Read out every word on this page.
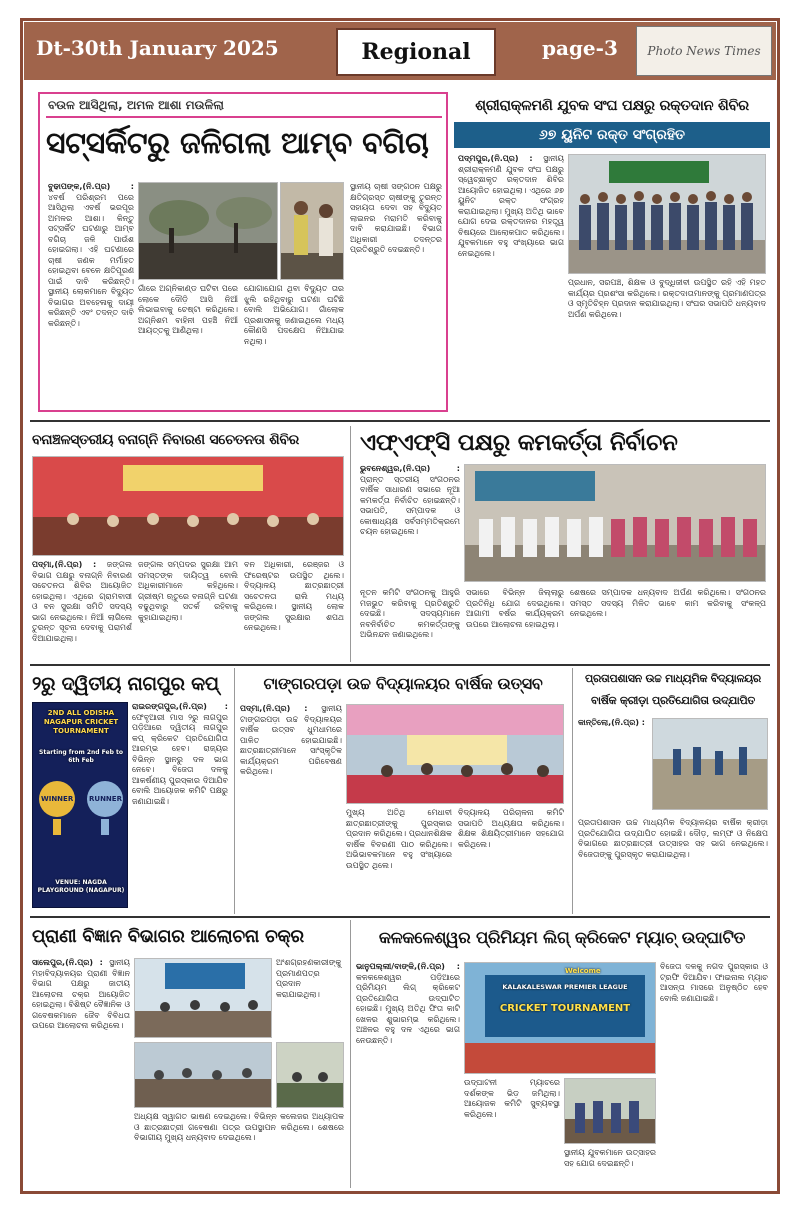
Dt-30th January 2025	Regional	page-3	Photo News Times
ବଉଳ ଆସିଥିଲା, ଅମଳ ଆଶା ମଉଳିଲା
ସଟ୍‌ସର୍କିଟରୁ ଜଳିଗଲା ଆମ୍ବ ବଗିଚା
ବୁଢାପଙ୍କ,(ନି.ପ୍ର) : ୪ବର୍ଷ ପରିଶ୍ରମ ପରେ ଆସିଥିଲା ଏବର୍ଷ ଭରପୂର ଅମଳର ଆଶା। କିନ୍ତୁ ସଟ୍‌ସର୍କିଟ ଘଟଣାରୁ ଆମ୍ବ ବଗିଚା ଜଳି ପାଉଁଶ ହୋଇଗଲା। ଏହି ଘଟଣାରେ ଚାଷୀ ଜଣକ ମର୍ମାହତ ହୋଇଥିବା ବେଳେ କ୍ଷତିପୂରଣ ପାଇଁ ଦାବି କରିଛନ୍ତି। ସ୍ଥାନୀୟ ଲୋକମାନେ ବିଦ୍ୟୁତ ବିଭାଗର ଅବହେଳାକୁ ଦାୟୀ କରିଛନ୍ତି ଏବଂ ତଦନ୍ତ ଦାବି କରିଛନ୍ତି।
ଗାଁରେ ଅଗ୍ନିକାଣ୍ଡ ଘଟିବା ପରେ ଲୋକେ ଦୌଡ଼ି ଆସି ନିଆଁ ଲିଭାଇବାକୁ ଚେଷ୍ଟା କରିଥିଲେ। ଅଗ୍ନିଶମ ବାହିନୀ ପହଞ୍ଚି ନିଆଁ ଆୟତ୍ତକୁ ଆଣିଥିଲା।
ଯୋଗାଯୋଗ ଥିବା ବିଦ୍ୟୁତ ତାର ଝୁଲି ରହିଥିବାରୁ ଘଟଣା ଘଟିଛି ବୋଲି ଅଭିଯୋଗ। ଗାଁଲୋକ ପ୍ରଶାସନକୁ ଜଣାଇଥିଲେ ମଧ୍ୟ କୌଣସି ପଦକ୍ଷେପ ନିଆଯାଇ ନଥିଲା।
ସ୍ଥାନୀୟ ଚାଷୀ ସଙ୍ଗଠନ ପକ୍ଷରୁ କ୍ଷତିଗ୍ରସ୍ତ ଚାଷୀଙ୍କୁ ତୁରନ୍ତ ସହାୟତା ଦେବା ସହ ବିଦ୍ୟୁତ ଲାଇନର ମରାମତି କରିବାକୁ ଦାବି କରାଯାଇଛି। ବିଭାଗ ଅଧିକାରୀ ତଦନ୍ତର ପ୍ରତିଶ୍ରୁତି ଦେଇଛନ୍ତି।
ଶ୍ରୀରାକ୍ଳମଣି ଯୁବକ ସଂଘ ପକ୍ଷରୁ ରକ୍ତଦାନ ଶିବିର
୬୭ ୟୁନିଟ ରକ୍ତ ସଂଗ୍ରହିତ
ପଦ୍ମପୁର,(ନି.ପ୍ର) : ସ୍ଥାନୀୟ ଶ୍ରୀରାକ୍ଳମଣି ଯୁବକ ସଂଘ ପକ୍ଷରୁ ସ୍ୱେଚ୍ଛାକୃତ ରକ୍ତଦାନ ଶିବିର ଆୟୋଜିତ ହୋଇଥିଲା। ଏଥିରେ ୬୭ ୟୁନିଟ ରକ୍ତ ସଂଗ୍ରହ କରାଯାଇଥିଲା। ମୁଖ୍ୟ ଅତିଥି ଭାବେ ଯୋଗ ଦେଇ ରକ୍ତଦାନର ମହତ୍ତ୍ୱ ବିଷୟରେ ଆଲୋକପାତ କରିଥିଲେ। ଯୁବକମାନେ ବହୁ ସଂଖ୍ୟାରେ ଭାଗ ନେଇଥିଲେ।
ପ୍ରଧାନ, ସରପଞ୍ଚ, ଶିକ୍ଷକ ଓ ବୁଦ୍ଧିଜୀବୀ ଉପସ୍ଥିତ ରହି ଏହି ମହତ କାର୍ଯ୍ୟର ପ୍ରଶଂସା କରିଥିଲେ। ରକ୍ତଦାତାମାନଙ୍କୁ ପ୍ରମାଣପତ୍ର ଓ ସ୍ମୃତିଚିହ୍ନ ପ୍ରଦାନ କରାଯାଇଥିଲା। ସଂଘର ସଭାପତି ଧନ୍ୟବାଦ ଅର୍ପଣ କରିଥିଲେ।
ବନାଞ୍ଚଳସ୍ତରୀୟ ବନାଗ୍ନି ନିବାରଣ ସଚେତନତା ଶିବିର
ପଦ୍ମା,(ନି.ପ୍ର) : ଜଙ୍ଗଲ ବିଭାଗ ପକ୍ଷରୁ ବନାଗ୍ନି ନିବାରଣ ସଚେତନତା ଶିବିର ଆୟୋଜିତ ହୋଇଥିଲା। ଏଥିରେ ଗ୍ରାମବାସୀ ଓ ବନ ସୁରକ୍ଷା ସମିତି ସଦସ୍ୟ ଭାଗ ନେଇଥିଲେ। ନିଆଁ ଲାଗିଲେ ତୁରନ୍ତ ସୂଚନା ଦେବାକୁ ପରାମର୍ଶ ଦିଆଯାଇଥିଲା।
ଜଙ୍ଗଲ ସମ୍ପଦର ସୁରକ୍ଷା ଆମ ସମସ୍ତଙ୍କ ଦାୟିତ୍ୱ ବୋଲି ଅଧିକାରୀମାନେ କହିଥିଲେ। ଗ୍ରୀଷ୍ମ ଋତୁରେ ବନାଗ୍ନି ଘଟଣା ବଢୁଥିବାରୁ ସତର୍କ ରହିବାକୁ କୁହାଯାଇଥିଲା।
ବନ ଅଧିକାରୀ, ରେଞ୍ଜର ଓ ଫରେଷ୍ଟର ଉପସ୍ଥିତ ଥିଲେ। ବିଦ୍ୟାଳୟ ଛାତ୍ରଛାତ୍ରୀ ସଚେତନତା ରାଲି ମଧ୍ୟ କରିଥିଲେ। ସ୍ଥାନୀୟ ଲୋକ ଜଙ୍ଗଲ ସୁରକ୍ଷାର ଶପଥ ନେଇଥିଲେ।
ଏଫ୍‌ଏଫ୍‌ସି ପକ୍ଷରୁ କମକର୍ତ୍ତା ନିର୍ବାଚନ
ଭୁବନେଶ୍ୱର,(ନି.ପ୍ର) : ପ୍ରାନ୍ତ ସ୍ତରୀୟ ସଂଗଠନର ବାର୍ଷିକ ସାଧାରଣ ସଭାରେ ନୂଆ କମକର୍ତ୍ତା ନିର୍ବାଚିତ ହୋଇଛନ୍ତି। ସଭାପତି, ସମ୍ପାଦକ ଓ କୋଷାଧ୍ୟକ୍ଷ ସର୍ବସମ୍ମତିକ୍ରମେ ଚୟନ ହୋଇଥିଲେ।
ନୂତନ କମିଟି ସଂଗଠନକୁ ଆହୁରି ମଜଭୁତ କରିବାକୁ ପ୍ରତିଶ୍ରୁତି ଦେଇଛି। ସଦସ୍ୟମାନେ ନବନିର୍ବାଚିତ କମକର୍ତ୍ତାଙ୍କୁ ଅଭିନନ୍ଦନ ଜଣାଇଥିଲେ।
ସଭାରେ ବିଭିନ୍ନ ଜିଲ୍ଲାରୁ ପ୍ରତିନିଧି ଯୋଗ ଦେଇଥିଲେ। ଆଗାମୀ ବର୍ଷର କାର୍ଯ୍ୟକ୍ରମ ଉପରେ ଆଲୋଚନା ହୋଇଥିଲା।
ଶେଷରେ ସମ୍ପାଦକ ଧନ୍ୟବାଦ ଅର୍ପଣ କରିଥିଲେ। ସଂଗଠନର ସମସ୍ତ ସଦସ୍ୟ ମିଳିତ ଭାବେ କାମ କରିବାକୁ ସଂକଳ୍ପ ନେଇଥିଲେ।
୨ରୁ ଦ୍ୱିତୀୟ ନାଗପୁର କପ୍
2ND ALL ODISHA NAGAPUR CRICKET TOURNAMENT
Starting from 2nd Feb to 6th Feb
WINNER RUNNER
VENUE: NAGDA PLAYGROUND (NAGAPUR)
ରାଇରଙ୍ଗପୁର,(ନି.ପ୍ର) : ଫେବୃଆରୀ ମାସ ୨ରୁ ନାଗପୁର ପଡ଼ିଆରେ ଦ୍ୱିତୀୟ ନାଗପୁର କପ୍ କ୍ରିକେଟ ପ୍ରତିଯୋଗିତା ଆରମ୍ଭ ହେବ। ରାଜ୍ୟର ବିଭିନ୍ନ ସ୍ଥାନରୁ ଦଳ ଭାଗ ନେବେ। ବିଜେତା ଦଳକୁ ଆକର୍ଷଣୀୟ ପୁରସ୍କାର ଦିଆଯିବ ବୋଲି ଆୟୋଜକ କମିଟି ପକ୍ଷରୁ ଜଣାଯାଇଛି।
ଟାଙ୍ଗରପଡ଼ା ଉଚ୍ଚ ବିଦ୍ୟାଳୟର ବାର୍ଷିକ ଉତ୍ସବ
ପଦ୍ମା,(ନି.ପ୍ର) : ସ୍ଥାନୀୟ ଟାଙ୍ଗରପଡ଼ା ଉଚ୍ଚ ବିଦ୍ୟାଳୟର ବାର୍ଷିକ ଉତ୍ସବ ଧୁମଧାମରେ ପାଳିତ ହୋଇଯାଇଛି। ଛାତ୍ରଛାତ୍ରୀମାନେ ସାଂସ୍କୃତିକ କାର୍ଯ୍ୟକ୍ରମ ପରିବେଷଣ କରିଥିଲେ।
ମୁଖ୍ୟ ଅତିଥି ମେଧାବୀ ଛାତ୍ରଛାତ୍ରୀଙ୍କୁ ପୁରସ୍କାର ପ୍ରଦାନ କରିଥିଲେ। ପ୍ରଧାନଶିକ୍ଷକ ବାର୍ଷିକ ବିବରଣୀ ପାଠ କରିଥିଲେ। ଅଭିଭାବକମାନେ ବହୁ ସଂଖ୍ୟାରେ ଉପସ୍ଥିତ ଥିଲେ।
ବିଦ୍ୟାଳୟ ପରିଚାଳନା କମିଟି ସଭାପତି ଅଧ୍ୟକ୍ଷତା କରିଥିଲେ। ଶିକ୍ଷକ ଶିକ୍ଷୟିତ୍ରୀମାନେ ସହଯୋଗ କରିଥିଲେ।
ପ୍ରତାପଶାସନ ଉଚ୍ଚ ମାଧ୍ୟମିକ ବିଦ୍ୟାଳୟର
ବାର୍ଷିକ କ୍ରୀଡ଼ା ପ୍ରତିଯୋଗିତା ଉଦ୍‌ଯାପିତ
କାନ୍ତିଲୋ,(ନି.ପ୍ର) :
ପ୍ରତାପଶାସନ ଉଚ୍ଚ ମାଧ୍ୟମିକ ବିଦ୍ୟାଳୟର ବାର୍ଷିକ କ୍ରୀଡ଼ା ପ୍ରତିଯୋଗିତା ଉଦ୍‌ଯାପିତ ହୋଇଛି। ଦୌଡ଼, ଲମ୍ଫ ଓ ନିକ୍ଷେପ ବିଭାଗରେ ଛାତ୍ରଛାତ୍ରୀ ଉତ୍ସାହର ସହ ଭାଗ ନେଇଥିଲେ। ବିଜେତାଙ୍କୁ ପୁରସ୍କୃତ କରାଯାଇଥିଲା।
ପ୍ରାଣୀ ବିଜ୍ଞାନ ବିଭାଗର ଆଲୋଚନା ଚକ୍ର
ସାଲେପୁର,(ନି.ପ୍ର) : ସ୍ଥାନୀୟ ମହାବିଦ୍ୟାଳୟର ପ୍ରାଣୀ ବିଜ୍ଞାନ ବିଭାଗ ପକ୍ଷରୁ ଜାତୀୟ ଆଲୋଚନା ଚକ୍ର ଆୟୋଜିତ ହୋଇଥିଲା। ବିଶିଷ୍ଟ ବୈଜ୍ଞାନିକ ଓ ଗବେଷକମାନେ ଜୈବ ବିବିଧତା ଉପରେ ଆଲୋଚନା କରିଥିଲେ।
ଅଂଶଗ୍ରହଣକାରୀଙ୍କୁ ପ୍ରମାଣପତ୍ର ପ୍ରଦାନ କରାଯାଇଥିଲା।
ଅଧ୍ୟକ୍ଷ ସ୍ୱାଗତ ଭାଷଣ ଦେଇଥିଲେ। ବିଭିନ୍ନ କଲେଜର ଅଧ୍ୟାପକ ଓ ଛାତ୍ରଛାତ୍ରୀ ଗବେଷଣା ପତ୍ର ଉପସ୍ଥାପନ କରିଥିଲେ। ଶେଷରେ ବିଭାଗୀୟ ମୁଖ୍ୟ ଧନ୍ୟବାଦ ଦେଇଥିଲେ।
କଳକଳେଶ୍ୱର ପ୍ରିମିୟମ ଲିଗ୍ କ୍ରିକେଟ ମ୍ୟାଚ୍ ଉଦ୍‌ଘାଟିତ
ଭାନୁପଲ୍ଲୀ/ବାଙ୍କି,(ନି.ପ୍ର) : କଳକଳେଶ୍ୱର ପଡ଼ିଆରେ ପ୍ରିମିୟମ ଲିଗ୍ କ୍ରିକେଟ ପ୍ରତିଯୋଗିତା ଉଦ୍‌ଘାଟିତ ହୋଇଛି। ମୁଖ୍ୟ ଅତିଥି ଫିତା କାଟି ଖେଳର ଶୁଭାରମ୍ଭ କରିଥିଲେ। ଅଞ୍ଚଳର ବହୁ ଦଳ ଏଥିରେ ଭାଗ ନେଉଛନ୍ତି।
Welcome
KALAKALESWAR PREMIER LEAGUE
CRICKET TOURNAMENT
ବିଜେତା ଦଳକୁ ନଗଦ ପୁରସ୍କାର ଓ ଟ୍ରଫି ଦିଆଯିବ। ଫାଇନାଲ ମ୍ୟାଚ ଆସନ୍ତା ମାସରେ ଅନୁଷ୍ଠିତ ହେବ ବୋଲି ଜଣାଯାଇଛି।
ଉଦ୍‌ଘାଟନୀ ମ୍ୟାଚରେ ଦର୍ଶକଙ୍କ ଭିଡ଼ ଜମିଥିଲା। ଆୟୋଜକ କମିଟି ସୁବ୍ୟବସ୍ଥା କରିଥିଲେ।
ସ୍ଥାନୀୟ ଯୁବକମାନେ ଉତ୍ସାହର ସହ ଯୋଗ ଦେଇଛନ୍ତି।
